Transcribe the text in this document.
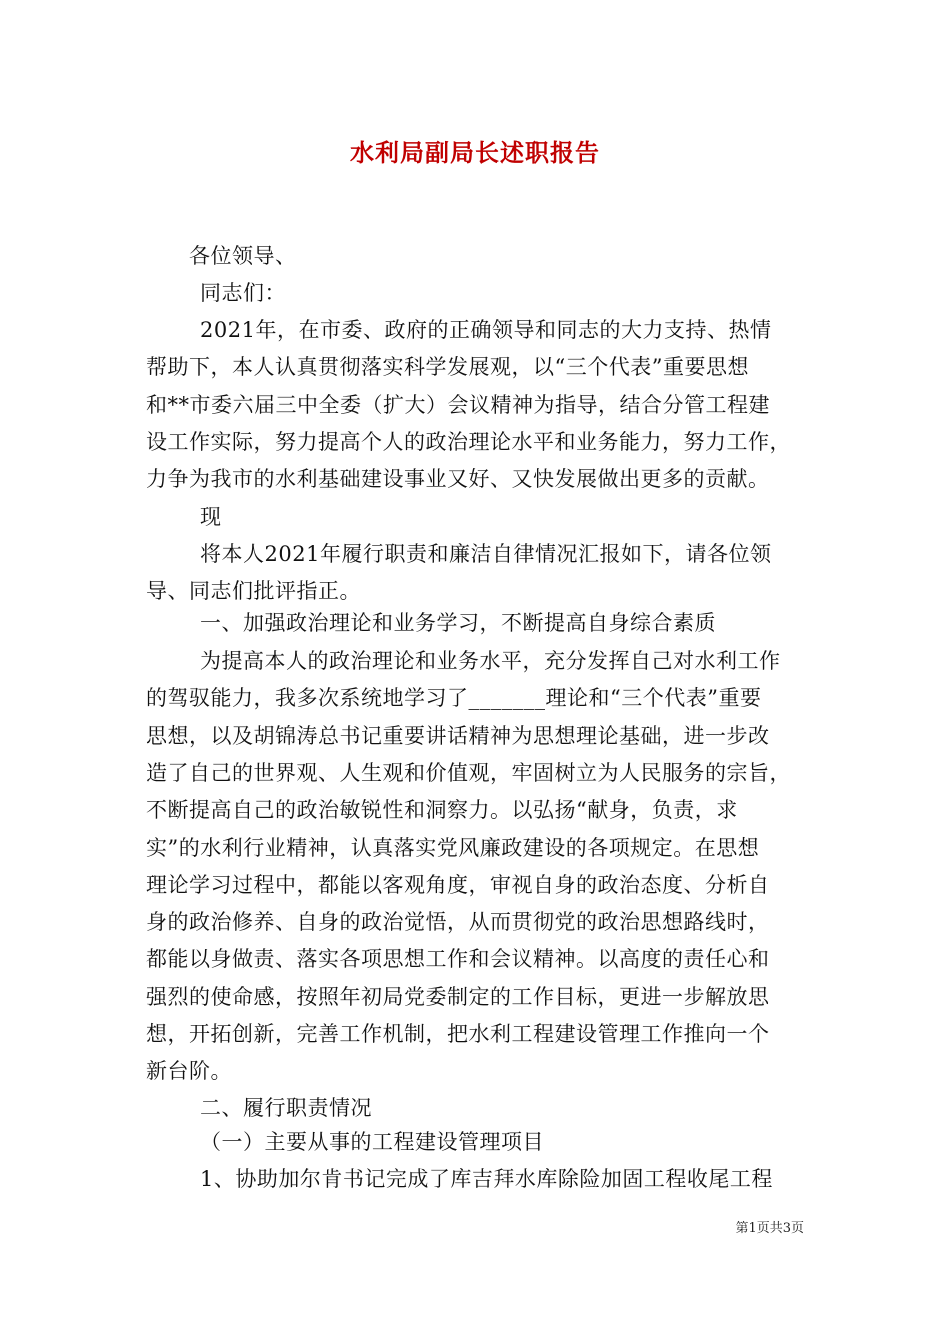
水利局副局长述职报告
各位领导、
同志们：
2021年，在市委、政府的正确领导和同志的大力支持、热情
帮助下，本人认真贯彻落实科学发展观，以“三个代表”重要思想
和**市委六届三中全委（扩大）会议精神为指导，结合分管工程建
设工作实际，努力提高个人的政治理论水平和业务能力，努力工作，
力争为我市的水利基础建设事业又好、又快发展做出更多的贡献。
现
将本人2021年履行职责和廉洁自律情况汇报如下，请各位领
导、同志们批评指正。
一、加强政治理论和业务学习，不断提高自身综合素质
为提高本人的政治理论和业务水平，充分发挥自己对水利工作
的驾驭能力，我多次系统地学习了_______理论和“三个代表”重要
思想，以及胡锦涛总书记重要讲话精神为思想理论基础，进一步改
造了自己的世界观、人生观和价值观，牢固树立为人民服务的宗旨，
不断提高自己的政治敏锐性和洞察力。以弘扬“献身，负责，求
实”的水利行业精神，认真落实党风廉政建设的各项规定。在思想
理论学习过程中，都能以客观角度，审视自身的政治态度、分析自
身的政治修养、自身的政治觉悟，从而贯彻党的政治思想路线时，
都能以身做责、落实各项思想工作和会议精神。以高度的责任心和
强烈的使命感，按照年初局党委制定的工作目标，更进一步解放思
想，开拓创新，完善工作机制，把水利工程建设管理工作推向一个
新台阶。
二、履行职责情况
（一）主要从事的工程建设管理项目
1、协助加尔肯书记完成了库吉拜水库除险加固工程收尾工程
第1页共3页
